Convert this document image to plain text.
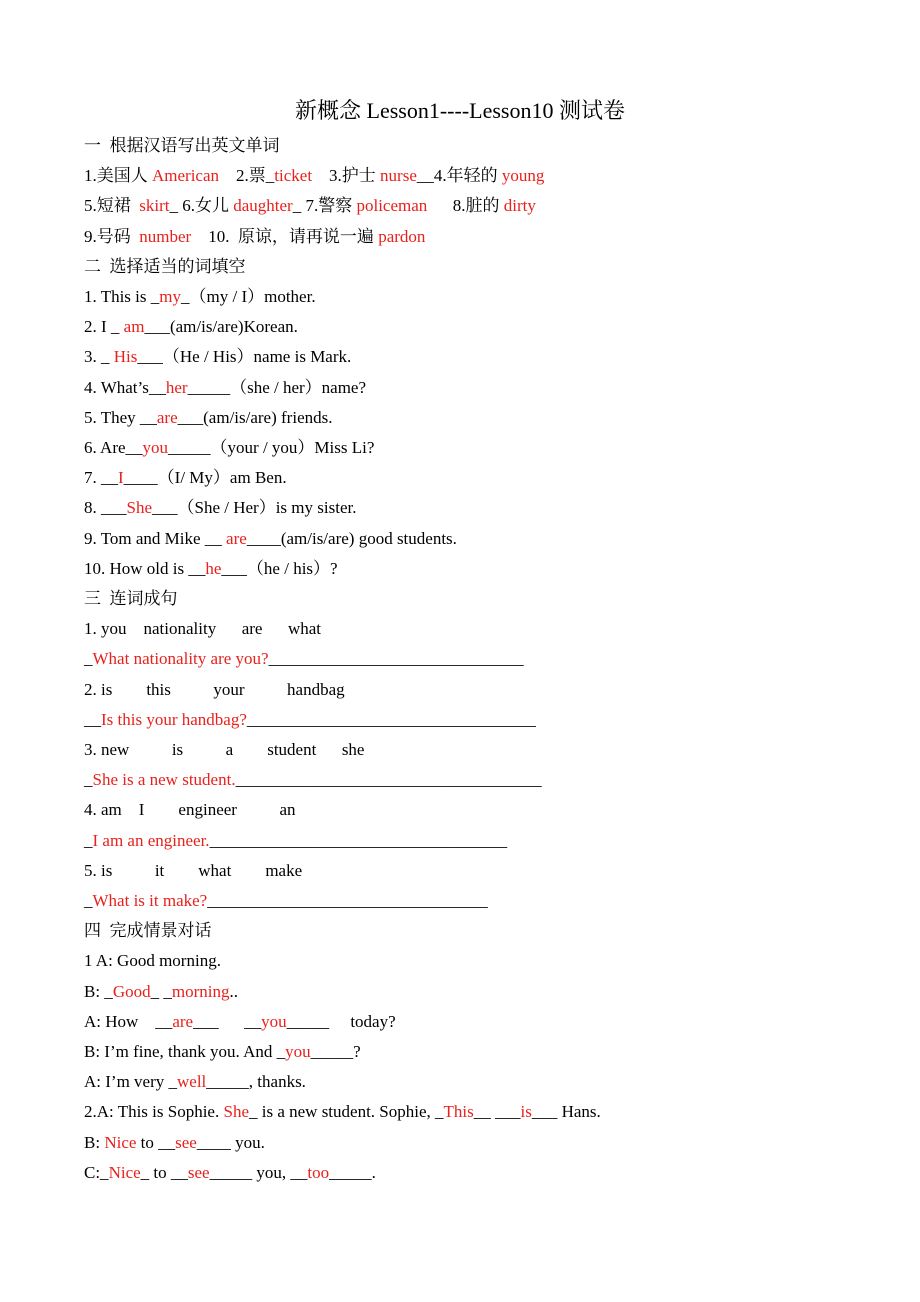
新概念 Lesson1----Lesson10 测试卷
一  根据汉语写出英文单词
1.美国人 American    2.票_ticket    3.护士 nurse__4.年轻的 young
5.短裙  skirt_ 6.女儿 daughter_ 7.警察 policeman      8.脏的 dirty
9.号码  number    10.  原谅，请再说一遍 pardon
二  选择适当的词填空
1. This is _my_（my / I）mother.
2. I _ am___(am/is/are)Korean.
3. _ His___（He / His）name is Mark.
4. What’s__her_____（she / her）name?
5. They __are___(am/is/are) friends.
6. Are__you_____（your / you）Miss Li?
7. __I____（I/ My）am Ben.
8. ___She___（She / Her）is my sister.
9. Tom and Mike __ are____(am/is/are) good students.
10. How old is __he___（he / his）?
三  连词成句
1. you    nationality      are      what
_What nationality are you?______________________________
2. is        this          your          handbag
__Is this your handbag?__________________________________
3. new          is          a        student      she
_She is a new student.____________________________________
4. am    I        engineer          an
_I am an engineer.___________________________________
5. is          it        what        make
_What is it make?_________________________________
四  完成情景对话
1 A: Good morning.
B: _Good_ _morning..
A: How    __are___      __you_____     today?
B: I’m fine, thank you. And _you_____?
A: I’m very _well_____, thanks.
2.A: This is Sophie. She_ is a new student. Sophie, _This__ ___is___ Hans.
B: Nice to __see____ you.
C:_Nice_ to __see_____ you, __too_____.
